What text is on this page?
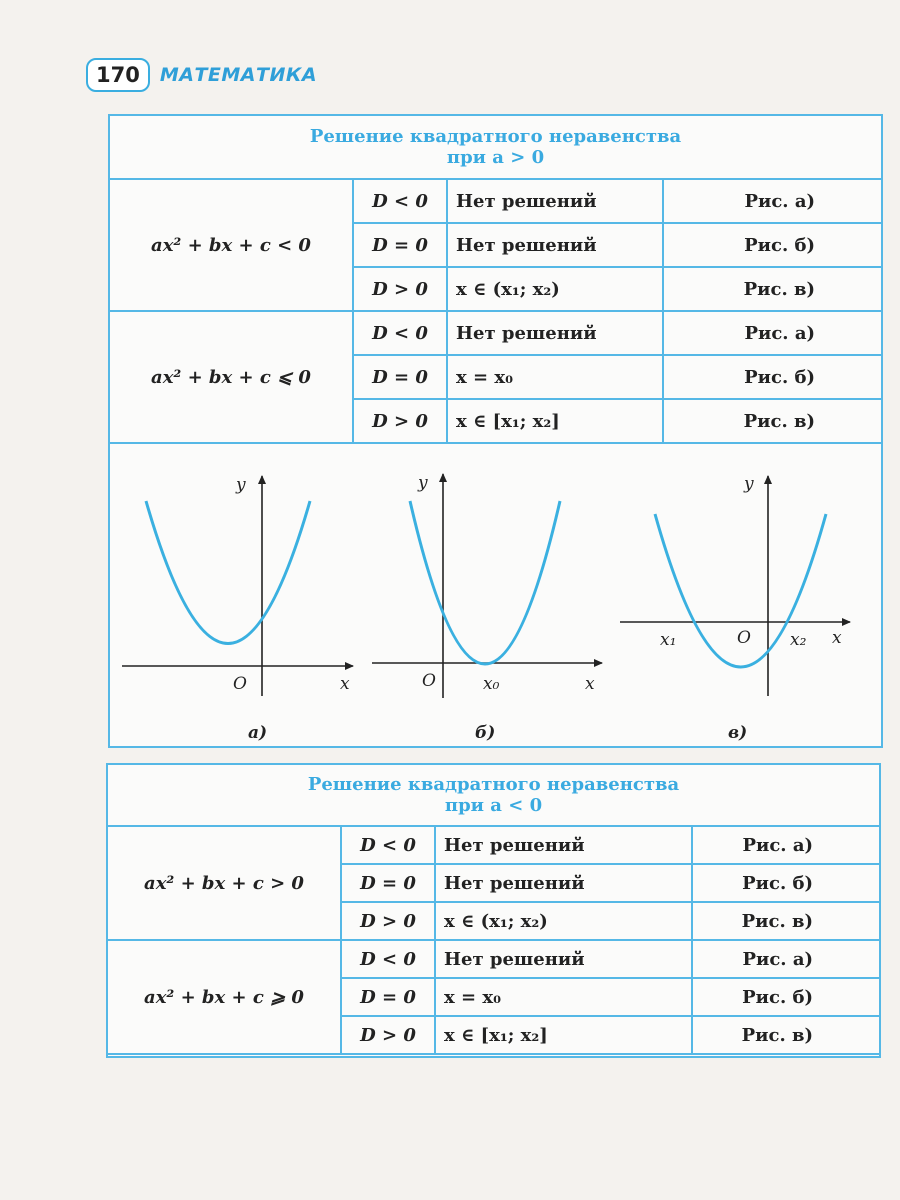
170	МАТЕМАТИКА
Решение квадратного неравенства
при a > 0			

ax² + bx + c < 0	D < 0	Нет решений	Рис. а)
	D = 0	Нет решений	Рис. б)
	D > 0	x ∈ (x₁; x₂)	Рис. в)
ax² + bx + c ⩽ 0	D < 0	Нет решений	Рис. а)
	D = 0	x = x₀	Рис. б)
	D > 0	x ∈ [x₁; x₂]	Рис. в)
y
O	x
а)
y
O	x₀	x
б)
y
x₁	O x₂ x
в)
Решение квадратного неравенства
при a < 0			

ax² + bx + c > 0	D < 0	Нет решений	Рис. а)
	D = 0	Нет решений	Рис. б)
	D > 0	x ∈ (x₁; x₂)	Рис. в)
ax² + bx + c ⩾ 0	D < 0	Нет решений	Рис. а)
	D = 0	x = x₀	Рис. б)
	D > 0	x ∈ [x₁; x₂]	Рис. в)
